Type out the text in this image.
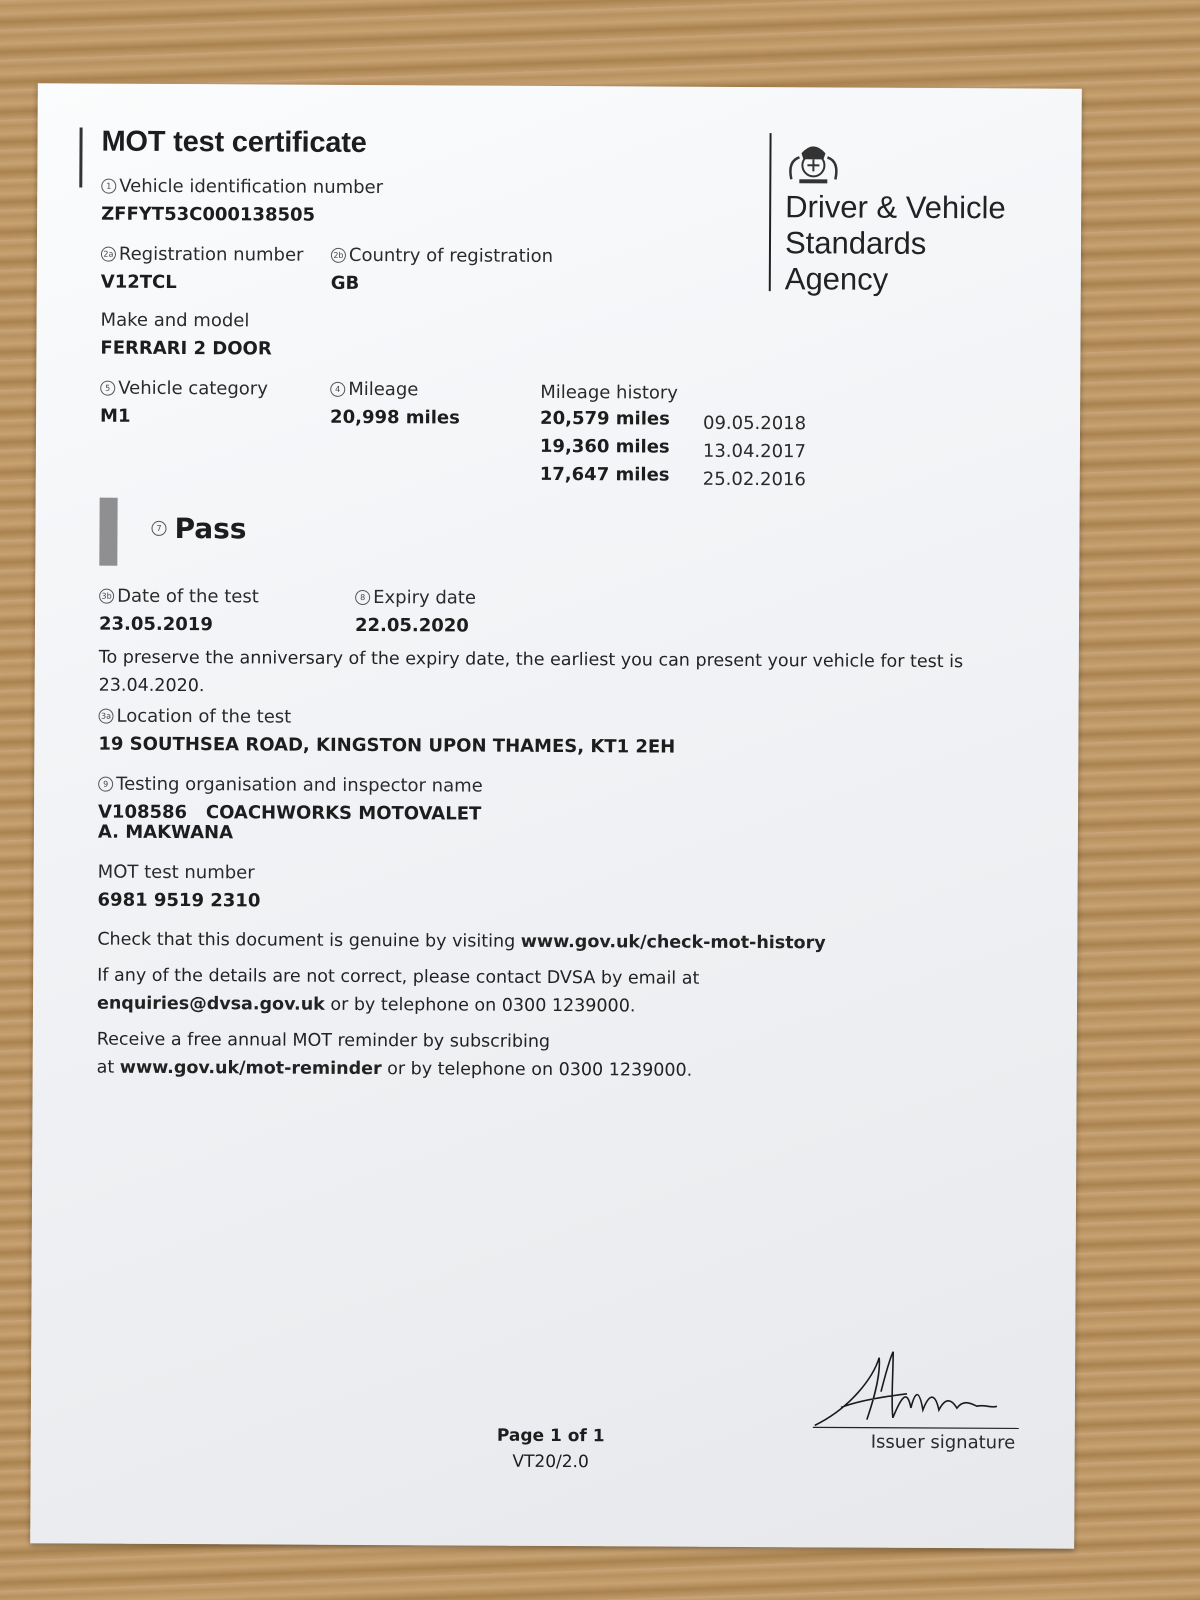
MOT test certificate
Driver & Vehicle
Standards
Agency
1 Vehicle identification number
ZFFYT53C000138505
2a Registration number
V12TCL
2b Country of registration
GB
Make and model
FERRARI 2 DOOR
5 Vehicle category
M1
4 Mileage
20,998 miles
Mileage history
20,579 miles	09.05.2018
19,360 miles	13.04.2017
17,647 miles	25.02.2016
7 Pass
3b Date of the test
23.05.2019
8 Expiry date
22.05.2020
To preserve the anniversary of the expiry date, the earliest you can present your vehicle for test is
23.04.2020.
3a Location of the test
19 SOUTHSEA ROAD, KINGSTON UPON THAMES, KT1 2EH
9 Testing organisation and inspector name
V108586   COACHWORKS MOTOVALET
A. MAKWANA
MOT test number
6981 9519 2310
Check that this document is genuine by visiting www.gov.uk/check-mot-history
If any of the details are not correct, please contact DVSA by email at
enquiries@dvsa.gov.uk or by telephone on 0300 1239000.
Receive a free annual MOT reminder by subscribing
at www.gov.uk/mot-reminder or by telephone on 0300 1239000.

Issuer signature
Page 1 of 1
VT20/2.0
